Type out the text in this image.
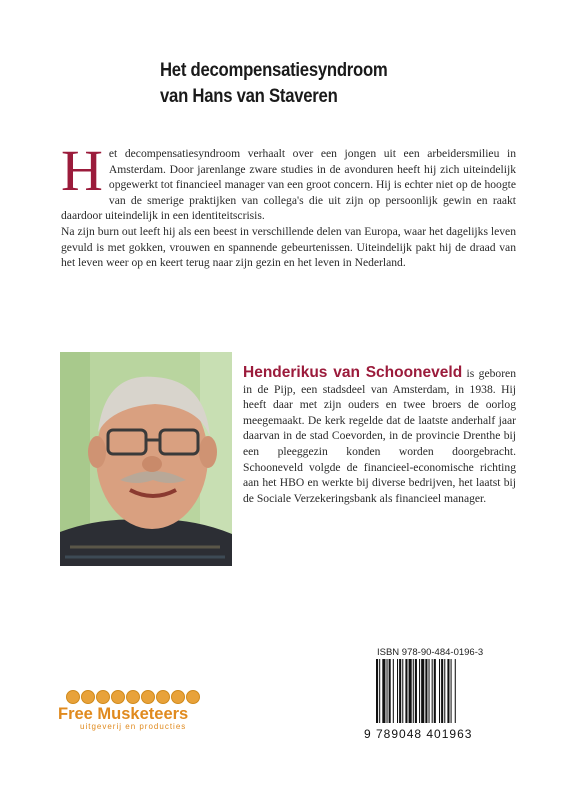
Het decompensatiesyndroom
van Hans van Staveren
H et decompensatiesyndroom verhaalt over een jongen uit een arbeidersmilieu in Amsterdam. Door jarenlange zware studies in de avonduren heeft hij zich uiteindelijk opgewerkt tot financieel manager van een groot concern. Hij is echter niet op de hoogte van de smerige praktijken van collega's die uit zijn op persoonlijk gewin en raakt daardoor uiteindelijk in een identiteitscrisis.

Na zijn burn out leeft hij als een beest in verschillende delen van Europa, waar het dagelijks leven gevuld is met gokken, vrouwen en spannende gebeurtenissen. Uiteindelijk pakt hij de draad van het leven weer op en keert terug naar zijn gezin en het leven in Nederland.

Henderikus van Schooneveld is geboren in de Pijp, een stadsdeel van Amsterdam, in 1938. Hij heeft daar met zijn ouders en twee broers de oorlog meegemaakt. De kerk regelde dat de laatste anderhalf jaar daarvan in de stad Coevorden, in de provincie Drenthe bij een pleeggezin konden worden doorgebracht. Schooneveld volgde de financieel-economische richting aan het HBO en werkte bij diverse bedrijven, het laatst bij de Sociale Verzekeringsbank als financieel manager.
ISBN 978-90-484-0196-3
9 789048 401963
Free Musketeers
uitgeverij en producties
